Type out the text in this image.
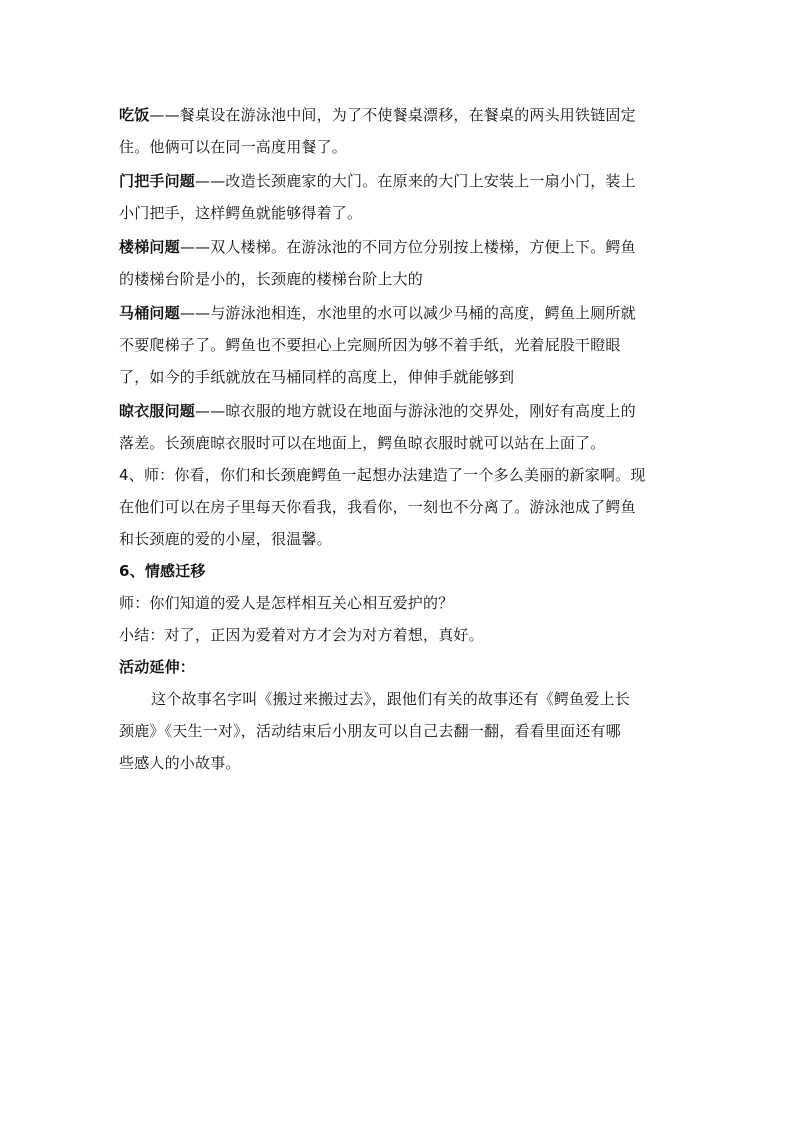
吃饭——餐桌设在游泳池中间，为了不使餐桌漂移，在餐桌的两头用铁链固定
住。他俩可以在同一高度用餐了。
门把手问题——改造长颈鹿家的大门。在原来的大门上安装上一扇小门，装上
小门把手，这样鳄鱼就能够得着了。
楼梯问题——双人楼梯。在游泳池的不同方位分别按上楼梯，方便上下。鳄鱼
的楼梯台阶是小的，长颈鹿的楼梯台阶上大的
马桶问题——与游泳池相连，水池里的水可以减少马桶的高度，鳄鱼上厕所就
不要爬梯子了。鳄鱼也不要担心上完厕所因为够不着手纸，光着屁股干瞪眼
了，如今的手纸就放在马桶同样的高度上，伸伸手就能够到
晾衣服问题——晾衣服的地方就设在地面与游泳池的交界处，刚好有高度上的
落差。长颈鹿晾衣服时可以在地面上，鳄鱼晾衣服时就可以站在上面了。
4、师：你看，你们和长颈鹿鳄鱼一起想办法建造了一个多么美丽的新家啊。现
在他们可以在房子里每天你看我，我看你，一刻也不分离了。游泳池成了鳄鱼
和长颈鹿的爱的小屋，很温馨。
6、情感迁移
师：你们知道的爱人是怎样相互关心相互爱护的？
小结：对了，正因为爱着对方才会为对方着想，真好。
活动延伸：
这个故事名字叫《搬过来搬过去》，跟他们有关的故事还有《鳄鱼爱上长
颈鹿》《天生一对》，活动结束后小朋友可以自己去翻一翻，看看里面还有哪
些感人的小故事。
